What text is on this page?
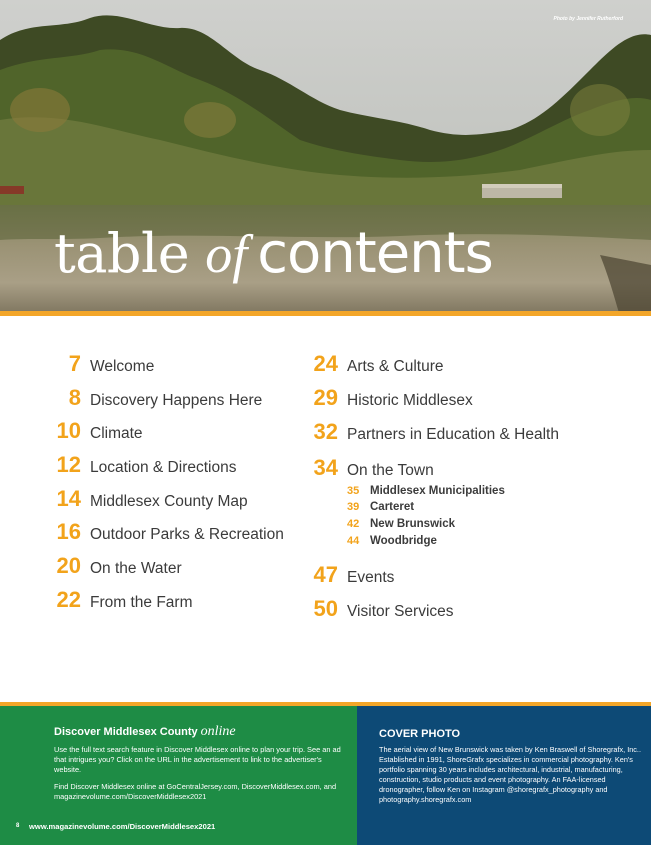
Photo by Jennifer Rutherford
table of contents
7 Welcome
8 Discovery Happens Here
10 Climate
12 Location & Directions
14 Middlesex County Map
16 Outdoor Parks & Recreation
20 On the Water
22 From the Farm
24 Arts & Culture
29 Historic Middlesex
32 Partners in Education & Health
34 On the Town
35 Middlesex Municipalities
39 Carteret
42 New Brunswick
44 Woodbridge
47 Events
50 Visitor Services
Discover Middlesex County online
Use the full text search feature in Discover Middlesex online to plan your trip. See an ad that intrigues you? Click on the URL in the advertisement to link to the advertiser's website.
Find Discover Middlesex online at GoCentralJersey.com, DiscoverMiddlesex.com, and magazinevolume.com/DiscoverMiddlesex2021
8 www.magazinevolume.com/DiscoverMiddlesex2021
COVER PHOTO
The aerial view of New Brunswick was taken by Ken Braswell of Shoregrafx, Inc.. Established in 1991, ShoreGrafx specializes in commercial photography. Ken's portfolio spanning 30 years includes architectural, industrial, manufacturing, construction, studio products and event photography. An FAA-licensed dronographer, follow Ken on Instagram @shoregrafx_photography and photography.shoregrafx.com
